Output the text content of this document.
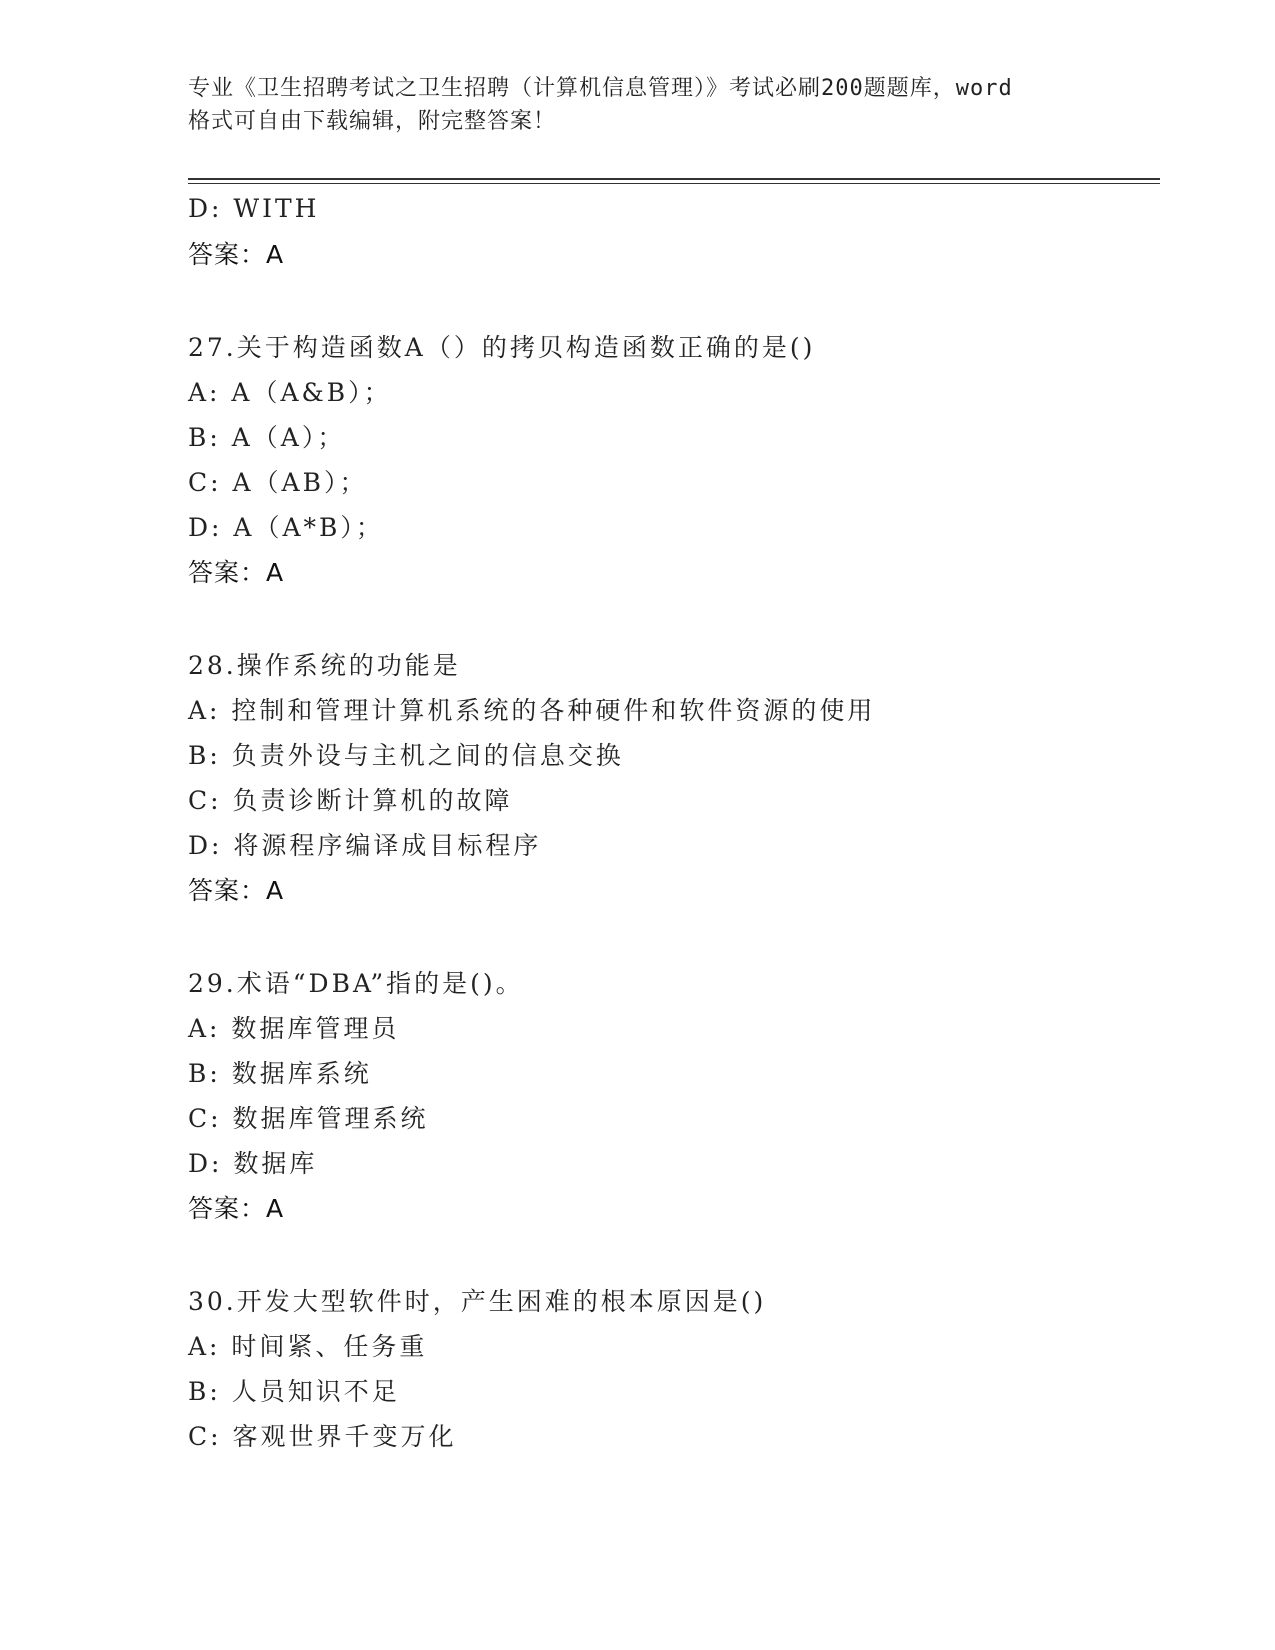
专业《卫生招聘考试之卫生招聘（计算机信息管理）》考试必刷200题题库，word
格式可自由下载编辑，附完整答案！
D: WITH
答案：A
27.关于构造函数A（）的拷贝构造函数正确的是()
A: A（A&B）；
B: A（A）；
C: A（AB）；
D: A（A*B）；
答案：A
28.操作系统的功能是
A: 控制和管理计算机系统的各种硬件和软件资源的使用
B: 负责外设与主机之间的信息交换
C: 负责诊断计算机的故障
D: 将源程序编译成目标程序
答案：A
29.术语“DBA”指的是()。
A: 数据库管理员
B: 数据库系统
C: 数据库管理系统
D: 数据库
答案：A
30.开发大型软件时，产生困难的根本原因是()
A: 时间紧、任务重
B: 人员知识不足
C: 客观世界千变万化
